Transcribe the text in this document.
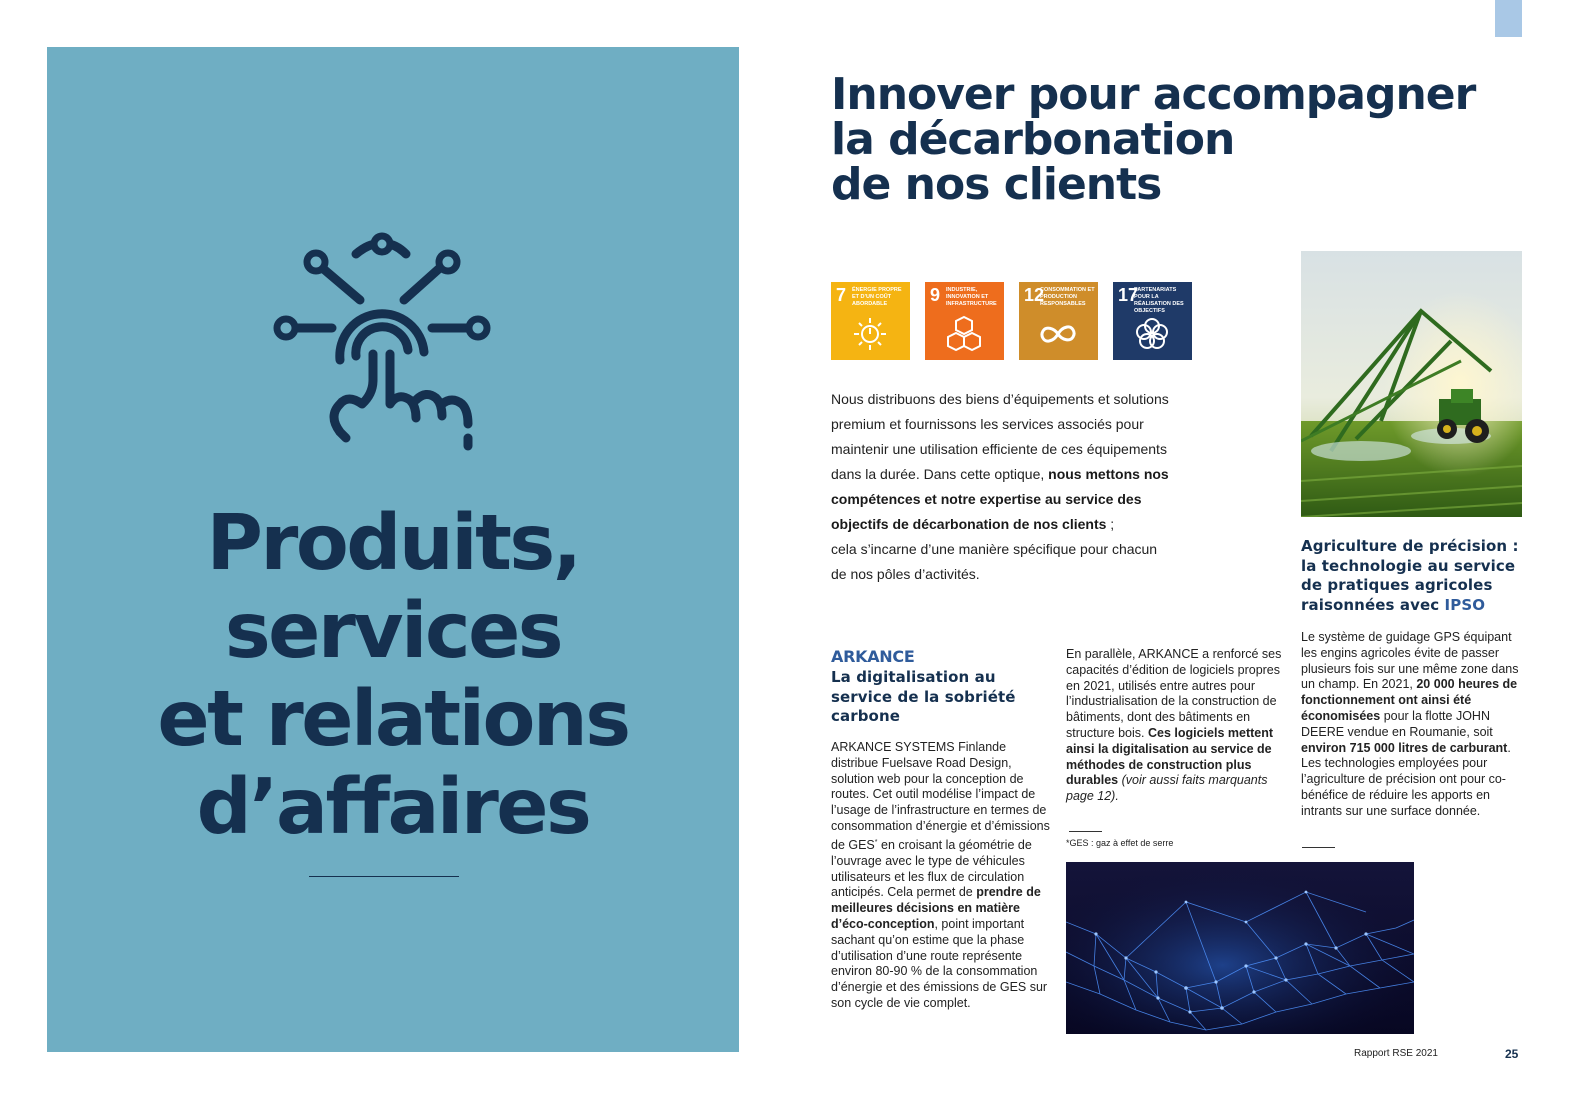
Produits,
services
et relations
d’affaires
Innover pour accompagner
la décarbonation
de nos clients
7 ÉNERGIE PROPRE ET D’UN COÛT ABORDABLE	9 INDUSTRIE, INNOVATION ET INFRASTRUCTURE 12
CONSOMMATION ET PRODUCTION RESPONSABLES	17
PARTENARIATS POUR LA RÉALISATION DES OBJECTIFS
Nous distribuons des biens d’équipements et solutions
premium et fournissons les services associés pour
maintenir une utilisation efficiente de ces équipements
dans la durée. Dans cette optique, nous mettons nos
compétences et notre expertise au service des
objectifs de décarbonation de nos clients ;
cela s’incarne d’une manière spécifique pour chacun
de nos pôles d’activités.
ARKANCE
La digitalisation au service de la sobriété carbone
ARKANCE SYSTEMS Finlande distribue Fuelsave Road Design, solution web pour la conception de routes. Cet outil modélise l’impact de l’usage de l’infrastructure en termes de consommation d’énergie et d’émissions de GES* en croisant la géométrie de l’ouvrage avec le type de véhicules utilisateurs et les flux de circulation anticipés. Cela permet de prendre de meilleures décisions en matière d’éco-conception, point important sachant qu’on estime que la phase d’utilisation d’une route représente environ 80-90 % de la consommation d’énergie et des émissions de GES sur son cycle de vie complet.
En parallèle, ARKANCE a renforcé ses capacités d’édition de logiciels propres en 2021, utilisés entre autres pour l’industrialisation de la construction de bâtiments, dont des bâtiments en structure bois. Ces logiciels mettent ainsi la digitalisation au service de méthodes de construction plus durables (voir aussi faits marquants page 12).
*GES : gaz à effet de serre
Agriculture de précision : la technologie au service de pratiques agricoles raisonnées avec IPSO
Le système de guidage GPS équipant les engins agricoles évite de passer plusieurs fois sur une même zone dans un champ. En 2021, 20 000 heures de fonctionnement ont ainsi été économisées pour la flotte JOHN DEERE vendue en Roumanie, soit environ 715 000 litres de carburant. Les technologies employées pour l’agriculture de précision ont pour co-bénéfice de réduire les apports en intrants sur une surface donnée.
Rapport RSE 2021	25
